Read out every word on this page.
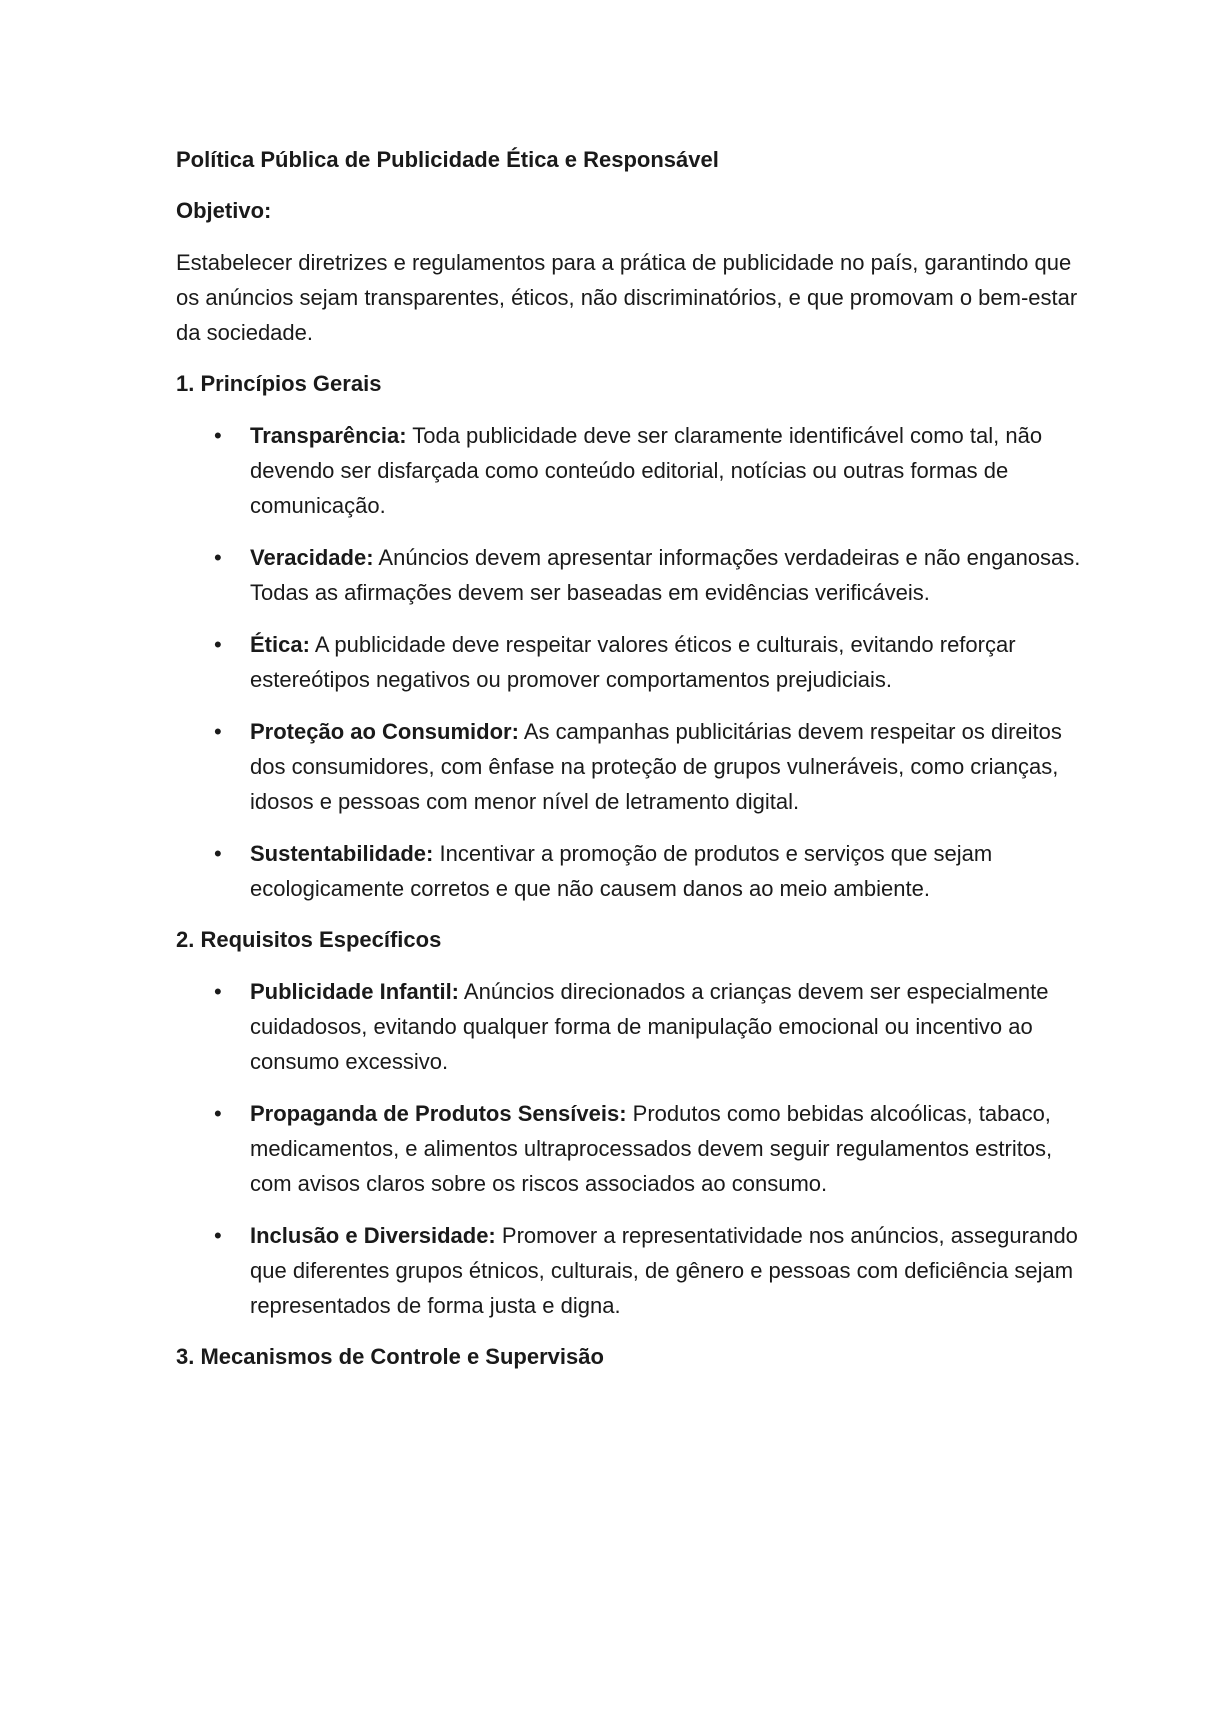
Política Pública de Publicidade Ética e Responsável
Objetivo:
Estabelecer diretrizes e regulamentos para a prática de publicidade no país, garantindo que os anúncios sejam transparentes, éticos, não discriminatórios, e que promovam o bem-estar da sociedade.
1. Princípios Gerais
• Transparência: Toda publicidade deve ser claramente identificável como tal, não devendo ser disfarçada como conteúdo editorial, notícias ou outras formas de comunicação.
• Veracidade: Anúncios devem apresentar informações verdadeiras e não enganosas. Todas as afirmações devem ser baseadas em evidências verificáveis.
• Ética: A publicidade deve respeitar valores éticos e culturais, evitando reforçar estereótipos negativos ou promover comportamentos prejudiciais.
• Proteção ao Consumidor: As campanhas publicitárias devem respeitar os direitos dos consumidores, com ênfase na proteção de grupos vulneráveis, como crianças, idosos e pessoas com menor nível de letramento digital.
• Sustentabilidade: Incentivar a promoção de produtos e serviços que sejam ecologicamente corretos e que não causem danos ao meio ambiente.
2. Requisitos Específicos
• Publicidade Infantil: Anúncios direcionados a crianças devem ser especialmente cuidadosos, evitando qualquer forma de manipulação emocional ou incentivo ao consumo excessivo.
• Propaganda de Produtos Sensíveis: Produtos como bebidas alcoólicas, tabaco, medicamentos, e alimentos ultraprocessados devem seguir regulamentos estritos, com avisos claros sobre os riscos associados ao consumo.
• Inclusão e Diversidade: Promover a representatividade nos anúncios, assegurando que diferentes grupos étnicos, culturais, de gênero e pessoas com deficiência sejam representados de forma justa e digna.
3. Mecanismos de Controle e Supervisão
